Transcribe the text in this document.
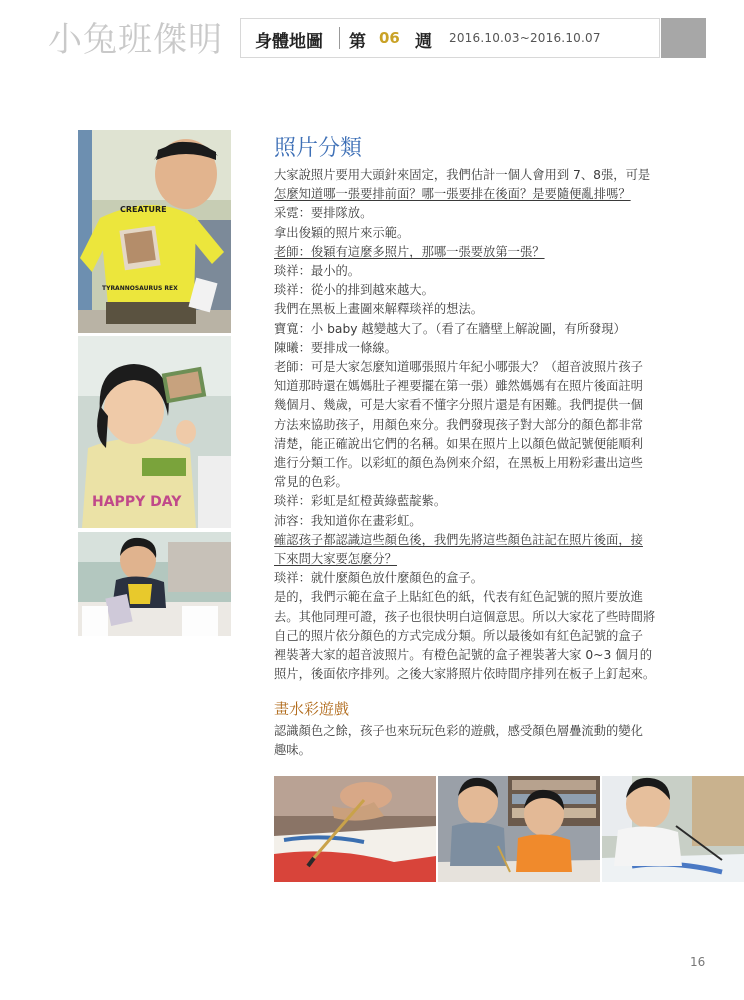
小兔班傑明 身體地圖 第 06 週 2016.10.03~2016.10.07
CREATURE
TYRANNOSAURUS REX
HAPPY DAY
照片分類

大家說照片要用大頭針來固定，我們估計一個人會用到 7、8張，可是

怎麼知道哪一張要排前面？哪一張要排在後面？是要隨便亂排嗎？

采霓：要排隊放。

拿出俊穎的照片來示範。

老師：俊穎有這麼多照片，那哪一張要放第一張？

琰祥：最小的。

琰祥：從小的排到越來越大。

我們在黑板上畫圖來解釋琰祥的想法。

寶寬：小 baby 越變越大了。（看了在牆壁上解說圖，有所發現）

陳曦：要排成一條線。

老師：可是大家怎麼知道哪張照片年紀小哪張大？（超音波照片孩子

知道那時還在媽媽肚子裡要擺在第一張）雖然媽媽有在照片後面註明

幾個月、幾歲，可是大家看不懂字分照片還是有困難。我們提供一個

方法來協助孩子，用顏色來分。我們發現孩子對大部分的顏色都非常

清楚，能正確說出它們的名稱。如果在照片上以顏色做記號便能順利

進行分類工作。以彩虹的顏色為例來介紹，在黑板上用粉彩畫出這些

常見的色彩。

琰祥：彩虹是紅橙黃綠藍靛紫。

沛容：我知道你在畫彩虹。

確認孩子都認識這些顏色後，我們先將這些顏色註記在照片後面，接

下來問大家要怎麼分？

琰祥：就什麼顏色放什麼顏色的盒子。

是的，我們示範在盒子上貼紅色的紙，代表有紅色記號的照片要放進

去。其他同理可證，孩子也很快明白這個意思。所以大家花了些時間將

自己的照片依分顏色的方式完成分類。所以最後如有紅色記號的盒子

裡裝著大家的超音波照片。有橙色記號的盒子裡裝著大家 0~3 個月的

照片，後面依序排列。之後大家將照片依時間序排列在板子上釘起來。

畫水彩遊戲

認識顏色之餘，孩子也來玩玩色彩的遊戲，感受顏色層疊流動的變化

趣味。

16
